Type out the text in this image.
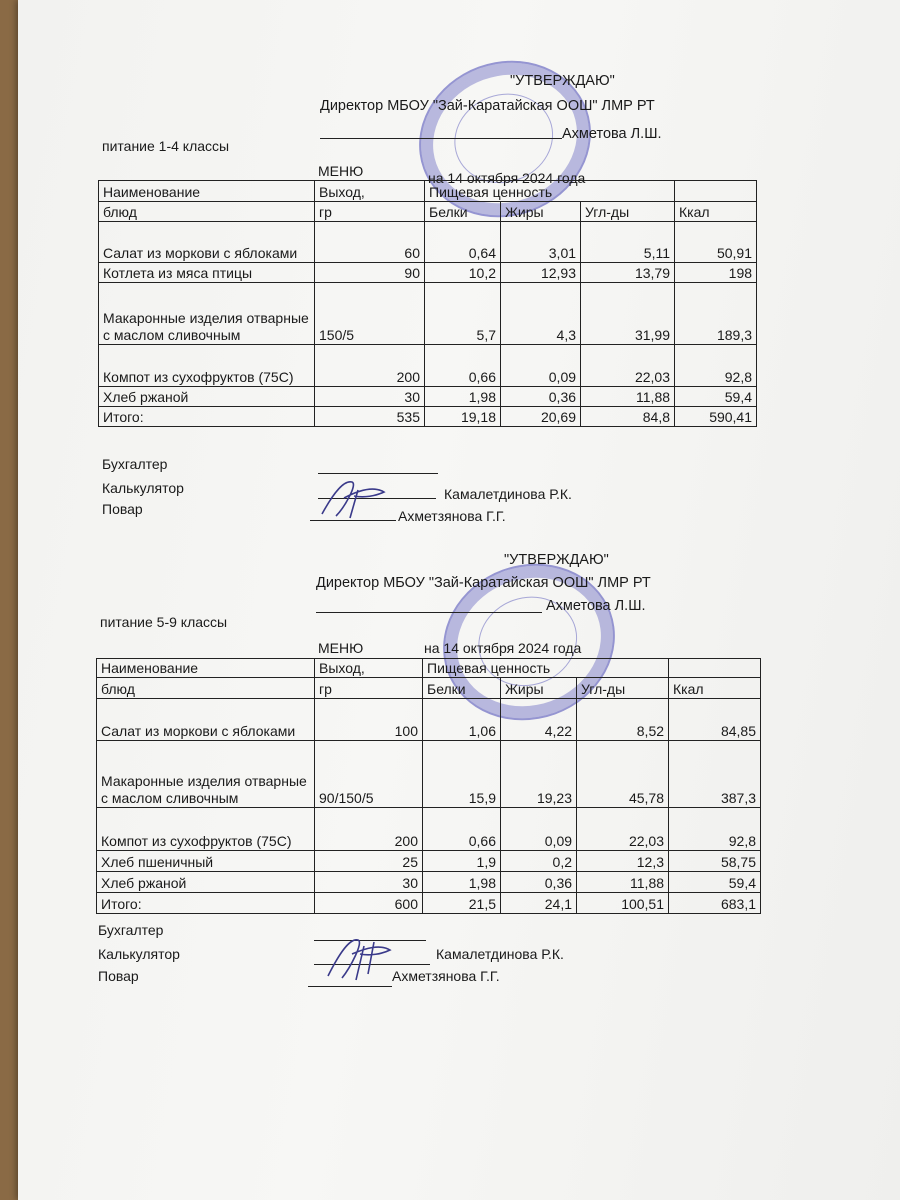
"УТВЕРЖДАЮ"
Директор МБОУ "Зай-Каратайская ООШ" ЛМР РТ
Ахметова Л.Ш.
питание 1-4 классы
МЕНЮ	на 14 октября 2024 года
Наименование	Выход,	Пищевая ценность			
блюд	гр	Белки	Жиры	Угл-ды	Ккал
Салат из моркови с яблоками	60	0,64	3,01	5,11	50,91
Котлета из мяса птицы	90	10,2	12,93	13,79	198
Макаронные изделия отварные с маслом сливочным	150/5	5,7	4,3	31,99	189,3
Компот из сухофруктов (75С)	200	0,66	0,09	22,03	92,8
Хлеб ржаной	30	1,98	0,36	11,88	59,4
Итого:	535	19,18	20,69	84,8	590,41
Бухгалтер
Калькулятор	Камалетдинова Р.К.
Повар	Ахметзянова Г.Г.
"УТВЕРЖДАЮ"
Директор МБОУ "Зай-Каратайская ООШ" ЛМР РТ
Ахметова Л.Ш.
питание 5-9 классы
МЕНЮ	на 14 октября 2024 года
Наименование	Выход,	Пищевая ценность			
блюд	гр	Белки	Жиры	Угл-ды	Ккал
Салат из моркови с яблоками	100	1,06	4,22	8,52	84,85
Макаронные изделия отварные с маслом сливочным	90/150/5	15,9	19,23	45,78	387,3
Компот из сухофруктов (75С)	200	0,66	0,09	22,03	92,8
Хлеб пшеничный	25	1,9	0,2	12,3	58,75
Хлеб ржаной	30	1,98	0,36	11,88	59,4
Итого:	600	21,5	24,1	100,51	683,1
Бухгалтер
Калькулятор	Камалетдинова Р.К.
Повар	Ахметзянова Г.Г.
